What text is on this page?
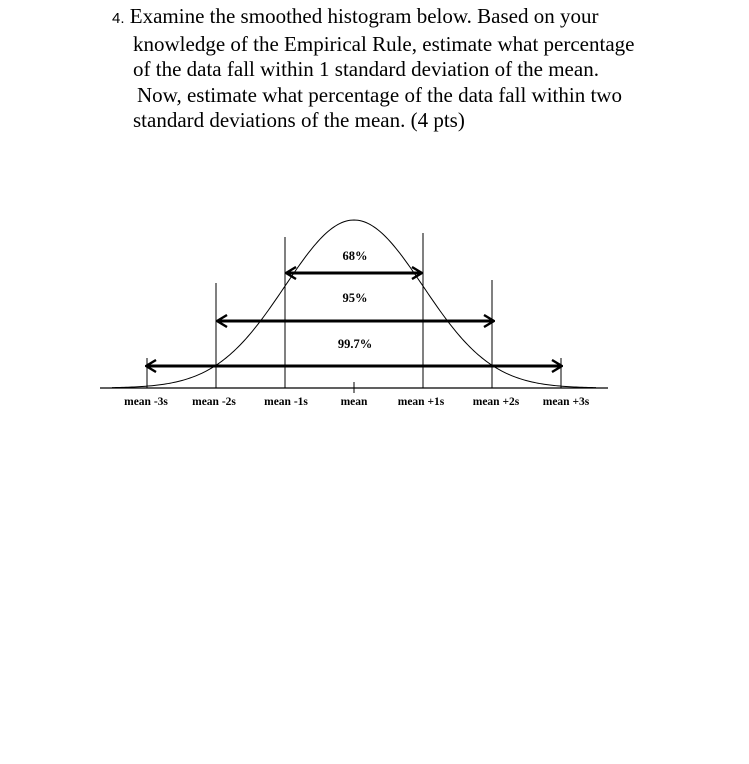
4. Examine the smoothed histogram below. Based on your
knowledge of the Empirical Rule, estimate what percentage
of the data fall within 1 standard deviation of the mean.
Now, estimate what percentage of the data fall within two
standard deviations of the mean. (4 pts)
68%
95%
99.7%
mean -3s mean -2s mean -1s	mean	mean +1s mean +2s mean +3s
